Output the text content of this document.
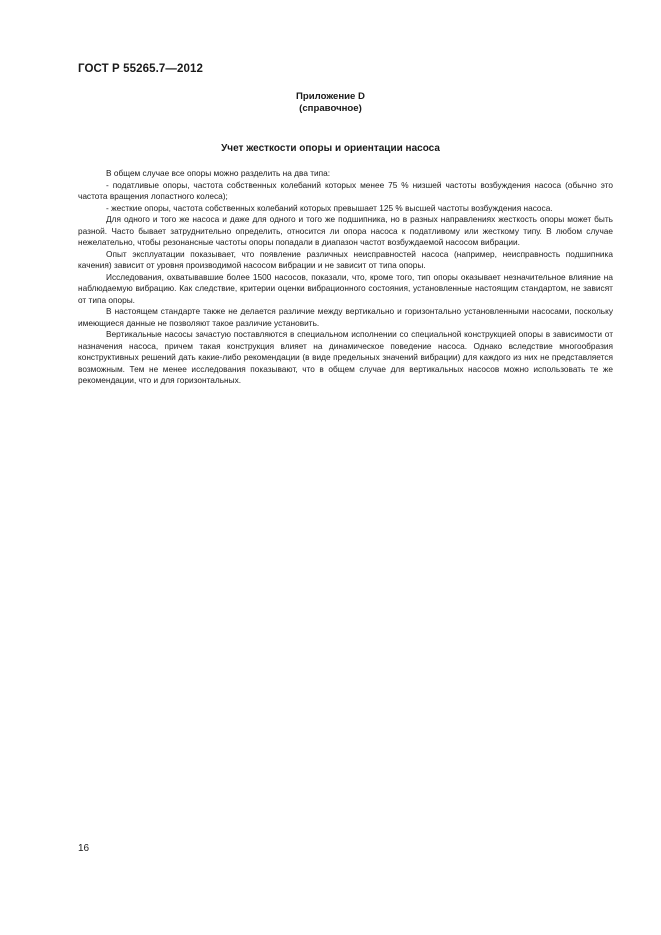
ГОСТ Р 55265.7—2012
Приложение D
(справочное)
Учет жесткости опоры и ориентации насоса

В общем случае все опоры можно разделить на два типа:

- податливые опоры, частота собственных колебаний которых менее 75 % низшей частоты возбуждения насоса (обычно это частота вращения лопастного колеса);

- жесткие опоры, частота собственных колебаний которых превышает 125 % высшей частоты возбуждения насоса.

Для одного и того же насоса и даже для одного и того же подшипника, но в разных направлениях жесткость опоры может быть разной. Часто бывает затруднительно определить, относится ли опора насоса к податливому или жесткому типу. В любом случае нежелательно, чтобы резонансные частоты опоры попадали в диапазон частот возбуждаемой насосом вибрации.

Опыт эксплуатации показывает, что появление различных неисправностей насоса (например, неисправность подшипника качения) зависит от уровня производимой насосом вибрации и не зависит от типа опоры.

Исследования, охватывавшие более 1500 насосов, показали, что, кроме того, тип опоры оказывает незначительное влияние на наблюдаемую вибрацию. Как следствие, критерии оценки вибрационного состояния, установленные настоящим стандартом, не зависят от типа опоры.

В настоящем стандарте также не делается различие между вертикально и горизонтально установленными насосами, поскольку имеющиеся данные не позволяют такое различие установить.

Вертикальные насосы зачастую поставляются в специальном исполнении со специальной конструкцией опоры в зависимости от назначения насоса, причем такая конструкция влияет на динамическое поведение насоса. Однако вследствие многообразия конструктивных решений дать какие-либо рекомендации (в виде предельных значений вибрации) для каждого из них не представляется возможным. Тем не менее исследования показывают, что в общем случае для вертикальных насосов можно использовать те же рекомендации, что и для горизонтальных.

16
